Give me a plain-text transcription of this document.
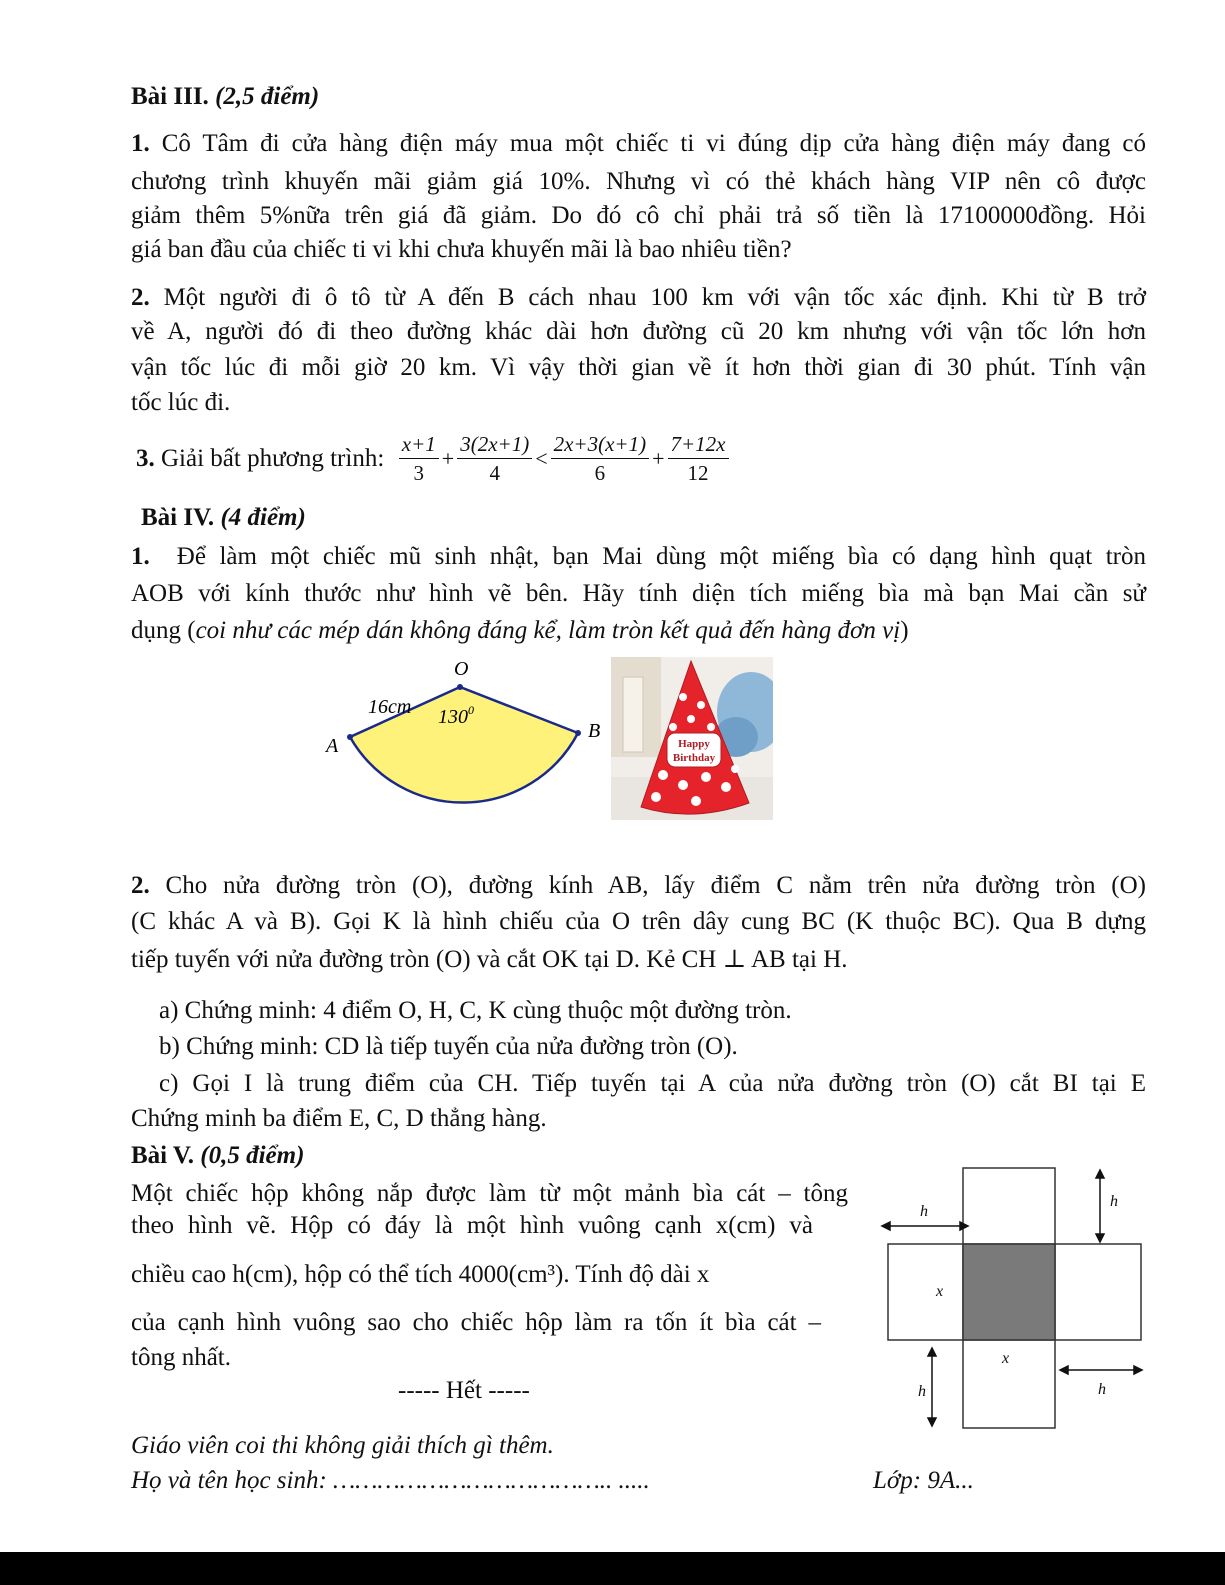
Bài III. (2,5 điểm)
1. Cô Tâm đi cửa hàng điện máy mua một chiếc ti vi đúng dịp cửa hàng điện máy đang có
chương trình khuyến mãi giảm giá 10%. Nhưng vì có thẻ khách hàng VIP nên cô được
giảm thêm 5%nữa trên giá đã giảm. Do đó cô chỉ phải trả số tiền là 17100000đồng. Hỏi
giá ban đầu của chiếc ti vi khi chưa khuyến mãi là bao nhiêu tiền?
2. Một người đi ô tô từ A đến B cách nhau 100 km với vận tốc xác định. Khi từ B trở
về A, người đó đi theo đường khác dài hơn đường cũ 20 km nhưng với vận tốc lớn hơn
vận tốc lúc đi mỗi giờ 20 km. Vì vậy thời gian về ít hơn thời gian đi 30 phút. Tính vận
tốc lúc đi.
3.
Giải bất phương trình:
$\frac{x+1}{3} + \frac{3(2x+1)}{4} < \frac{2x+3(x+1)}{6} + \frac{7+12x}{12}$
Bài IV. (4 điểm)
1. Để làm một chiếc mũ sinh nhật, bạn Mai dùng một miếng bìa có dạng hình quạt tròn
AOB với kính thước như hình vẽ bên. Hãy tính diện tích miếng bìa mà bạn Mai cần sử
dụng (coi như các mép dán không đáng kể, làm tròn kết quả đến hàng đơn vị)
O
A
B
16cm $130^0$
Happy
Birthday
2. Cho nửa đường tròn (O), đường kính AB, lấy điểm C nằm trên nửa đường tròn (O)
(C khác A và B). Gọi K là hình chiếu của O trên dây cung BC (K thuộc BC). Qua B dựng
tiếp tuyến với nửa đường tròn (O) và cắt OK tại D. Kẻ CH ⊥ AB tại H.
a) Chứng minh: 4 điểm O, H, C, K cùng thuộc một đường tròn.
b) Chứng minh: CD là tiếp tuyến của nửa đường tròn (O).
c) Gọi I là trung điểm của CH. Tiếp tuyến tại A của nửa đường tròn (O) cắt BI tại E
Chứng minh ba điểm E, C, D thẳng hàng.
Bài V. (0,5 điểm)
Một chiếc hộp không nắp được làm từ một mảnh bìa cát – tông
theo hình vẽ. Hộp có đáy là một hình vuông cạnh x(cm) và
chiều cao h(cm), hộp có thể tích 4000(cm³). Tính độ dài x
của cạnh hình vuông sao cho chiếc hộp làm ra tốn ít bìa cát –
tông nhất.
h
h
x
x
h	h
----- Hết -----
Giáo viên coi thi không giải thích gì thêm.
Họ và tên học sinh: ……………………………….. .....	Lớp: 9A...
